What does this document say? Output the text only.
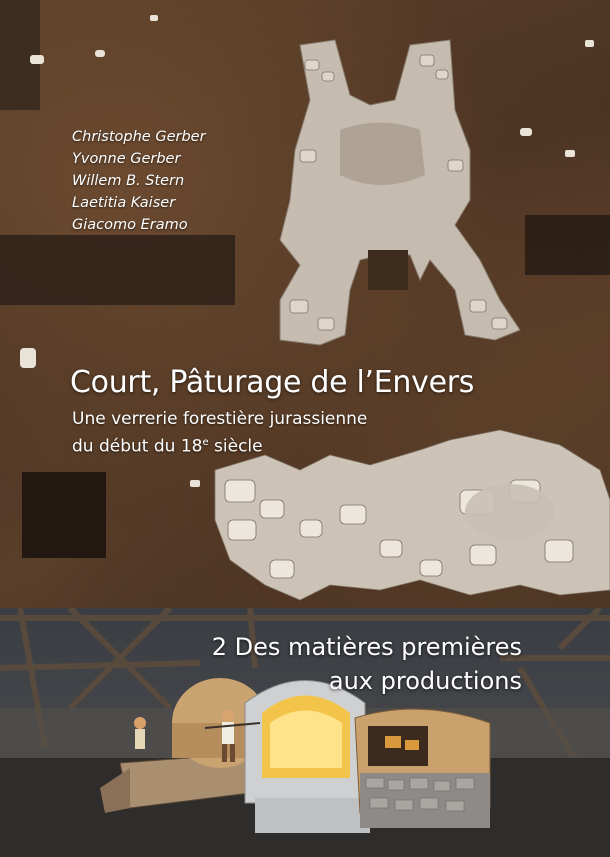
Christophe Gerber
Yvonne Gerber
Willem B. Stern
Laetitia Kaiser
Giacomo Eramo
Court, Pâturage de l’Envers
Une verrerie forestière jurassienne
du début du 18e siècle
2 Des matières premières
aux productions
